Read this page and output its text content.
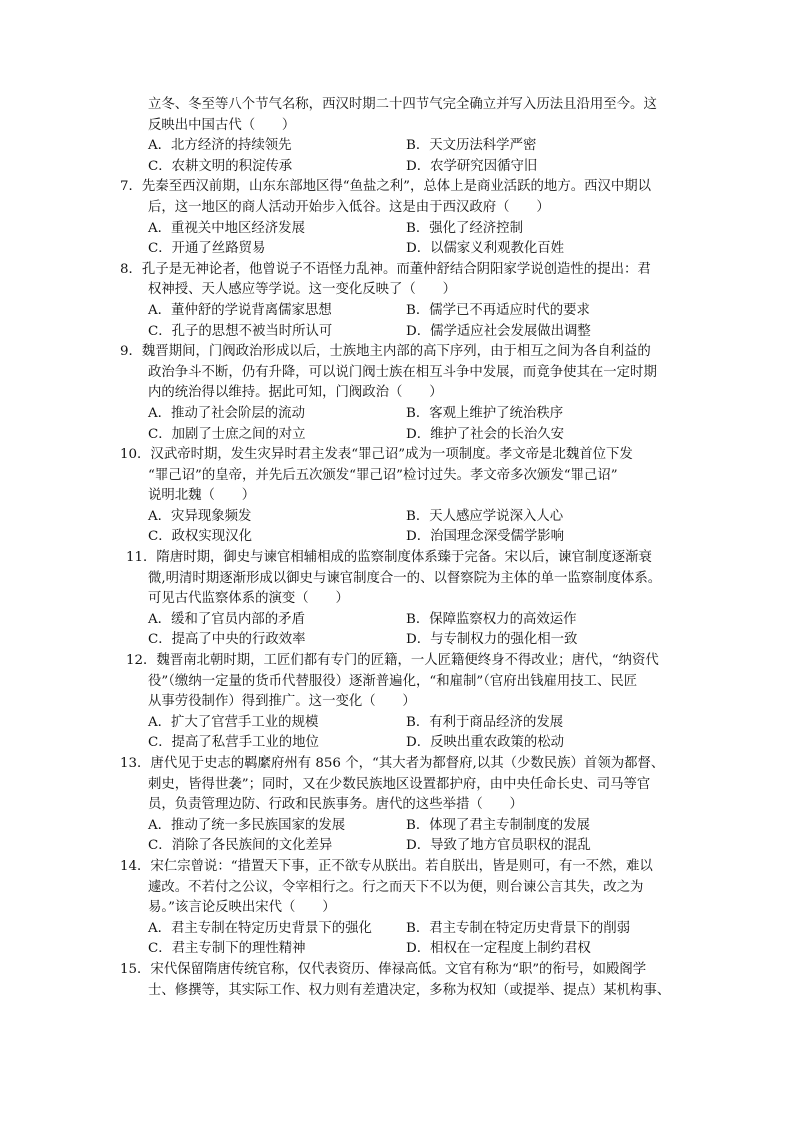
立冬、冬至等八个节气名称，西汉时期二十四节气完全确立并写入历法且沿用至今。这
反映出中国古代（　　）
A．北方经济的持续领先	B．天文历法科学严密
C．农耕文明的积淀传承	D．农学研究因循守旧
7．先秦至西汉前期，山东东部地区得“鱼盐之利”，总体上是商业活跃的地方。西汉中期以
后，这一地区的商人活动开始步入低谷。这是由于西汉政府（　　）
A．重视关中地区经济发展	B．强化了经济控制
C．开通了丝路贸易	D．以儒家义利观教化百姓
8．孔子是无神论者，他曾说子不语怪力乱神。而董仲舒结合阴阳家学说创造性的提出：君
权神授、天人感应等学说。这一变化反映了（　　）
A．董仲舒的学说背离儒家思想	B．儒学已不再适应时代的要求
C．孔子的思想不被当时所认可	D．儒学适应社会发展做出调整
9．魏晋期间，门阀政治形成以后，士族地主内部的高下序列，由于相互之间为各自利益的
政治争斗不断，仍有升降，可以说门阀士族在相互斗争中发展，而竟争使其在一定时期
内的统治得以维持。据此可知，门阀政治（　　）
A．推动了社会阶层的流动	B．客观上维护了统治秩序
C．加剧了士庶之间的对立	D．维护了社会的长治久安
10．汉武帝时期，发生灾异时君主发表“罪己诏”成为一项制度。孝文帝是北魏首位下发
“罪己诏”的皇帝，并先后五次颁发“罪己诏”检讨过失。孝文帝多次颁发“罪己诏”
说明北魏（　　）
A．灾异现象频发	B．天人感应学说深入人心
C．政权实现汉化	D．治国理念深受儒学影响
11．隋唐时期，御史与谏官相辅相成的监察制度体系臻于完备。宋以后，谏官制度逐渐衰
微,明清时期逐渐形成以御史与谏官制度合一的、以督察院为主体的单一监察制度体系。
可见古代监察体系的演变（　　）
A．缓和了官员内部的矛盾	B．保障监察权力的高效运作
C．提高了中央的行政效率	D．与专制权力的强化相一致
12．魏晋南北朝时期，工匠们都有专门的匠籍，一人匠籍便终身不得改业；唐代，“纳资代
役”（缴纳一定量的货币代替服役）逐渐普遍化，“和雇制”（官府出钱雇用技工、民匠
从事劳役制作）得到推广。这一变化（　　）
A．扩大了官营手工业的规模	B．有利于商品经济的发展
C．提高了私营手工业的地位	D．反映出重农政策的松动
13．唐代见于史志的羁縻府州有 856 个，“其大者为都督府,以其（少数民族）首领为都督、
刺史，皆得世袭”；同时，又在少数民族地区设置都护府，由中央任命长史、司马等官
员，负责管理边防、行政和民族事务。唐代的这些举措（　　）
A．推动了统一多民族国家的发展	B．体现了君主专制制度的发展
C．消除了各民族间的文化差异	D．导致了地方官员职权的混乱
14．宋仁宗曾说：“措置天下事，正不欲专从朕出。若自朕出，皆是则可，有一不然，难以
遽改。不若付之公议，令宰相行之。行之而天下不以为便，则台谏公言其失，改之为
易。”该言论反映出宋代（　　）
A．君主专制在特定历史背景下的强化	B．君主专制在特定历史背景下的削弱
C．君主专制下的理性精神	D．相权在一定程度上制约君权
15．宋代保留隋唐传统官称，仅代表资历、俸禄高低。文官有称为“职”的衔号，如殿阁学
士、修撰等，其实际工作、权力则有差遣决定，多称为权知（或提举、提点）某机构事、
